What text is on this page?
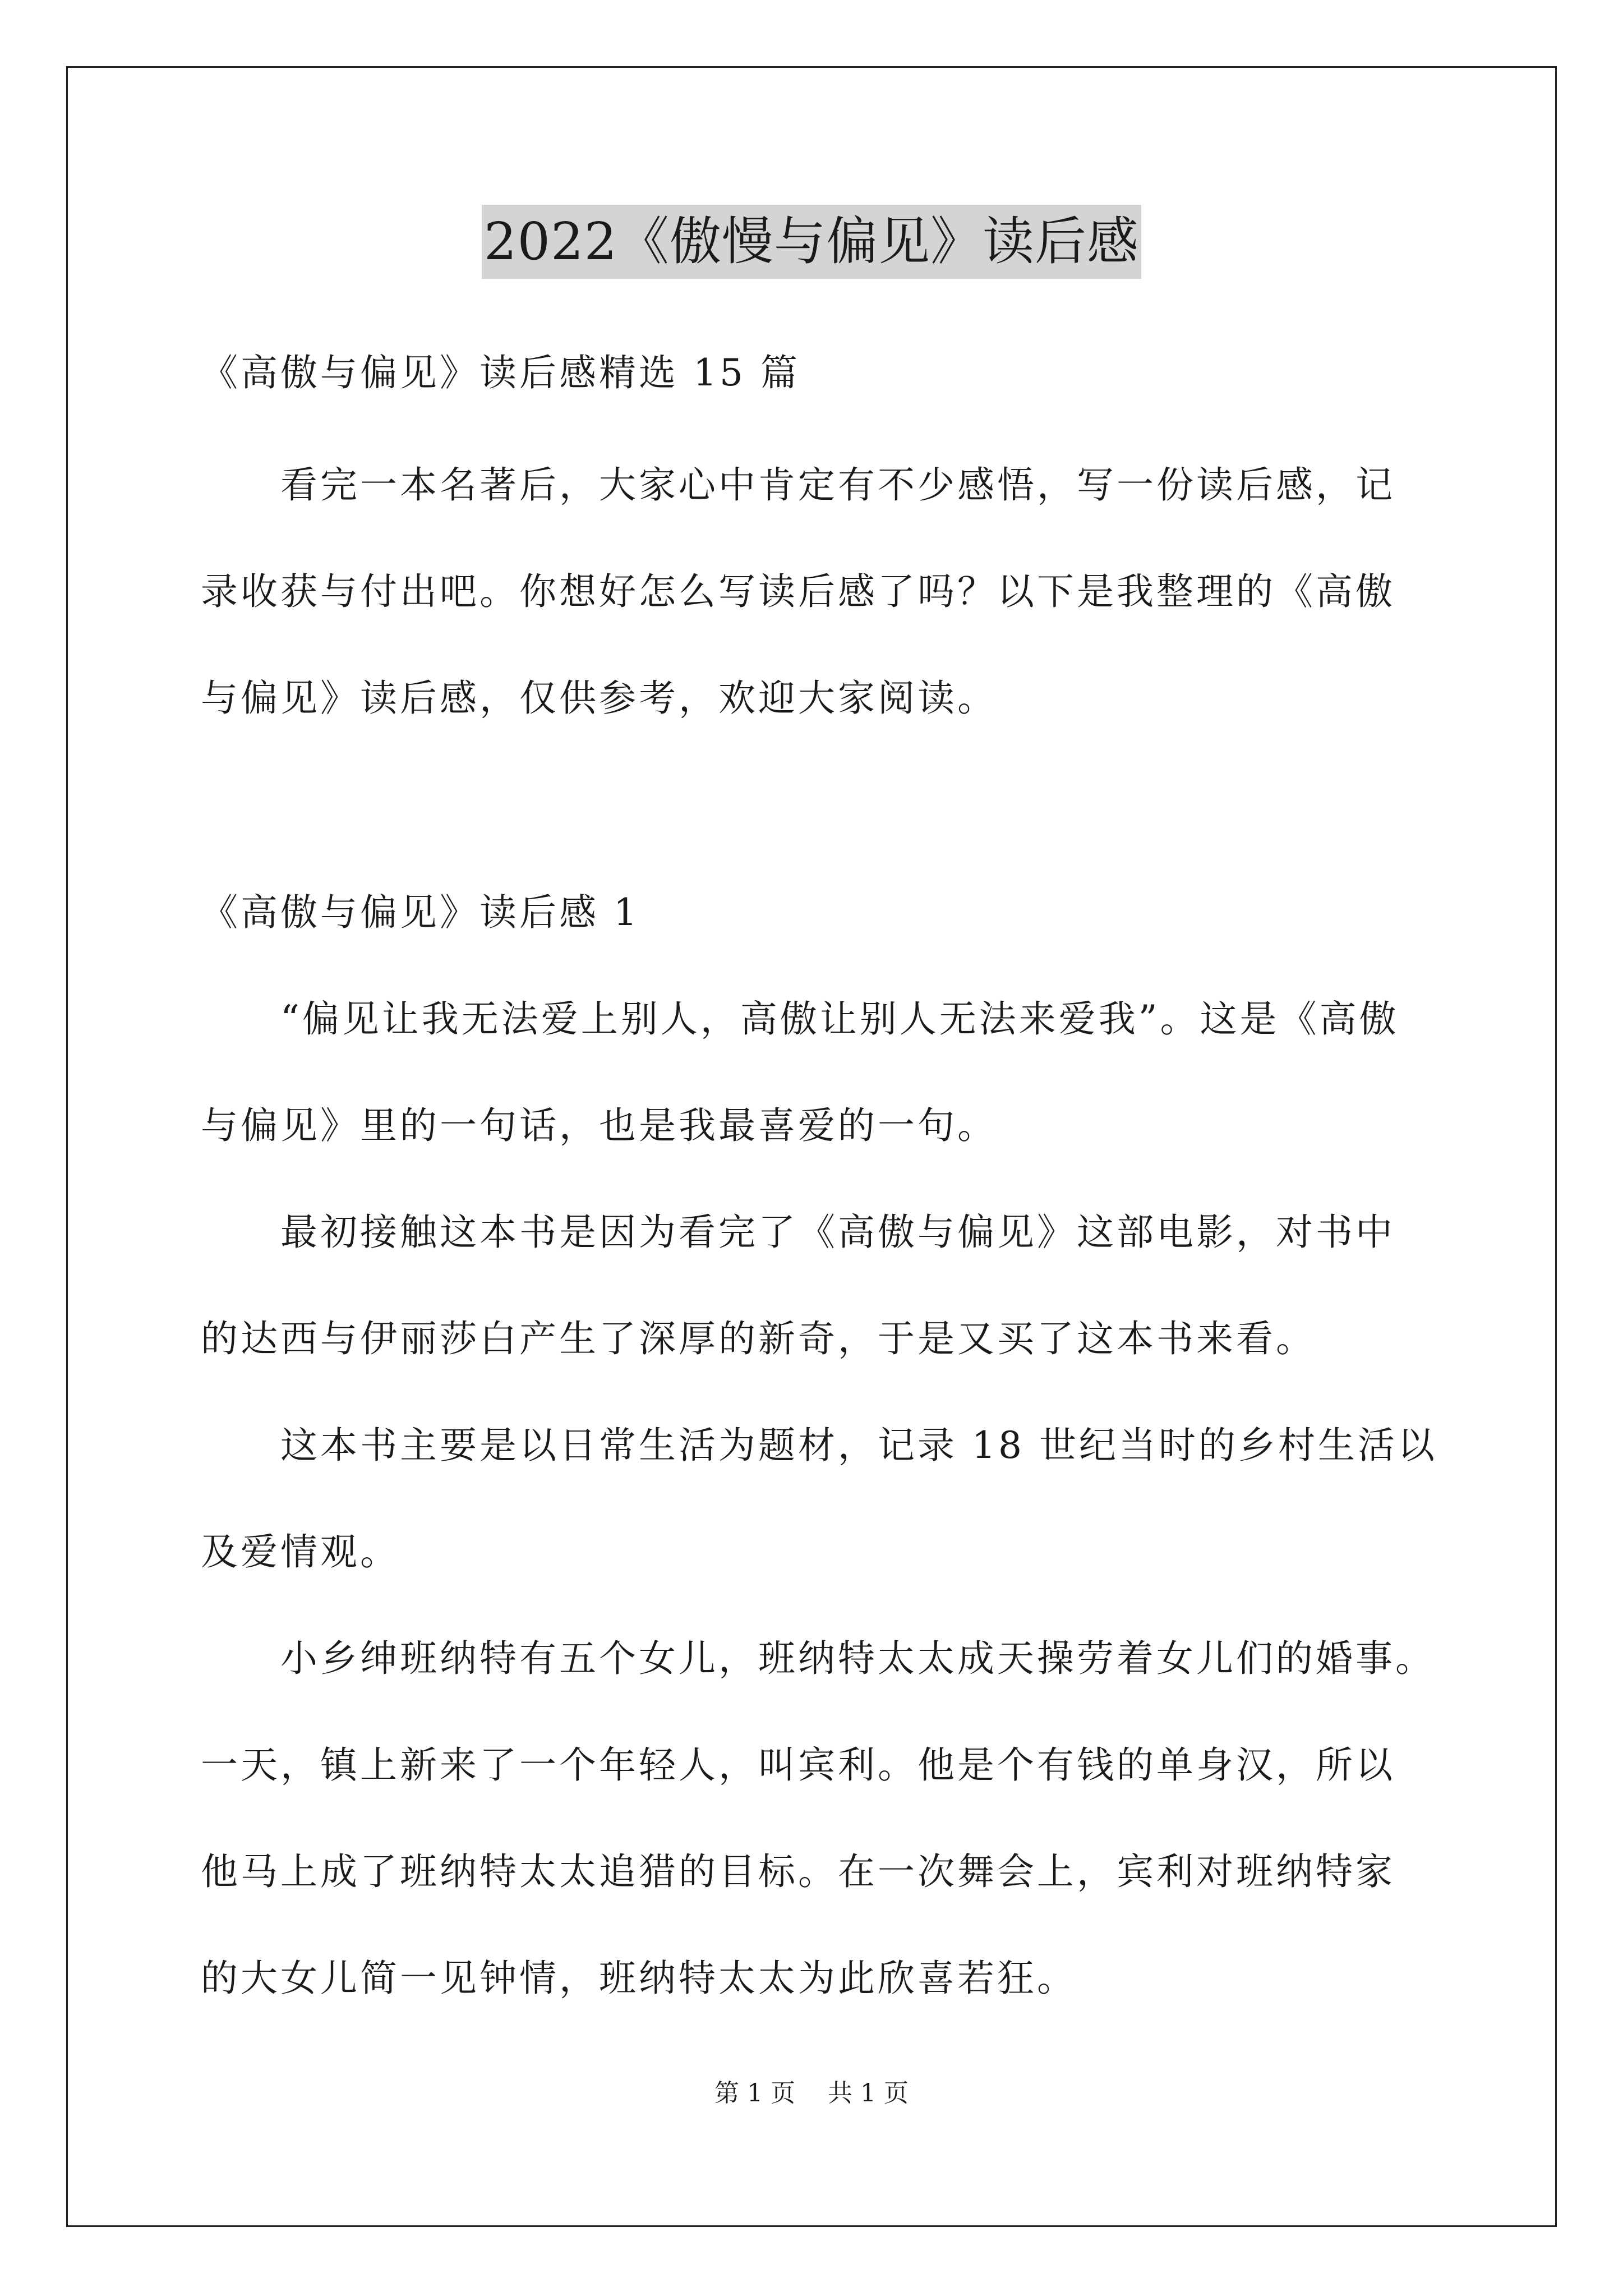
2022《傲慢与偏见》读后感
《高傲与偏见》读后感精选 15 篇
　　看完一本名著后，大家心中肯定有不少感悟，写一份读后感，记
录收获与付出吧。你想好怎么写读后感了吗？以下是我整理的《高傲
与偏见》读后感，仅供参考，欢迎大家阅读。
《高傲与偏见》读后感 1
　　“偏见让我无法爱上别人，高傲让别人无法来爱我”。这是《高傲
与偏见》里的一句话，也是我最喜爱的一句。
　　最初接触这本书是因为看完了《高傲与偏见》这部电影，对书中
的达西与伊丽莎白产生了深厚的新奇，于是又买了这本书来看。
　　这本书主要是以日常生活为题材，记录 18 世纪当时的乡村生活以
及爱情观。
　　小乡绅班纳特有五个女儿，班纳特太太成天操劳着女儿们的婚事。
一天，镇上新来了一个年轻人，叫宾利。他是个有钱的单身汉，所以
他马上成了班纳特太太追猎的目标。在一次舞会上，宾利对班纳特家
的大女儿简一见钟情，班纳特太太为此欣喜若狂。
第 1 页　 共 1 页
